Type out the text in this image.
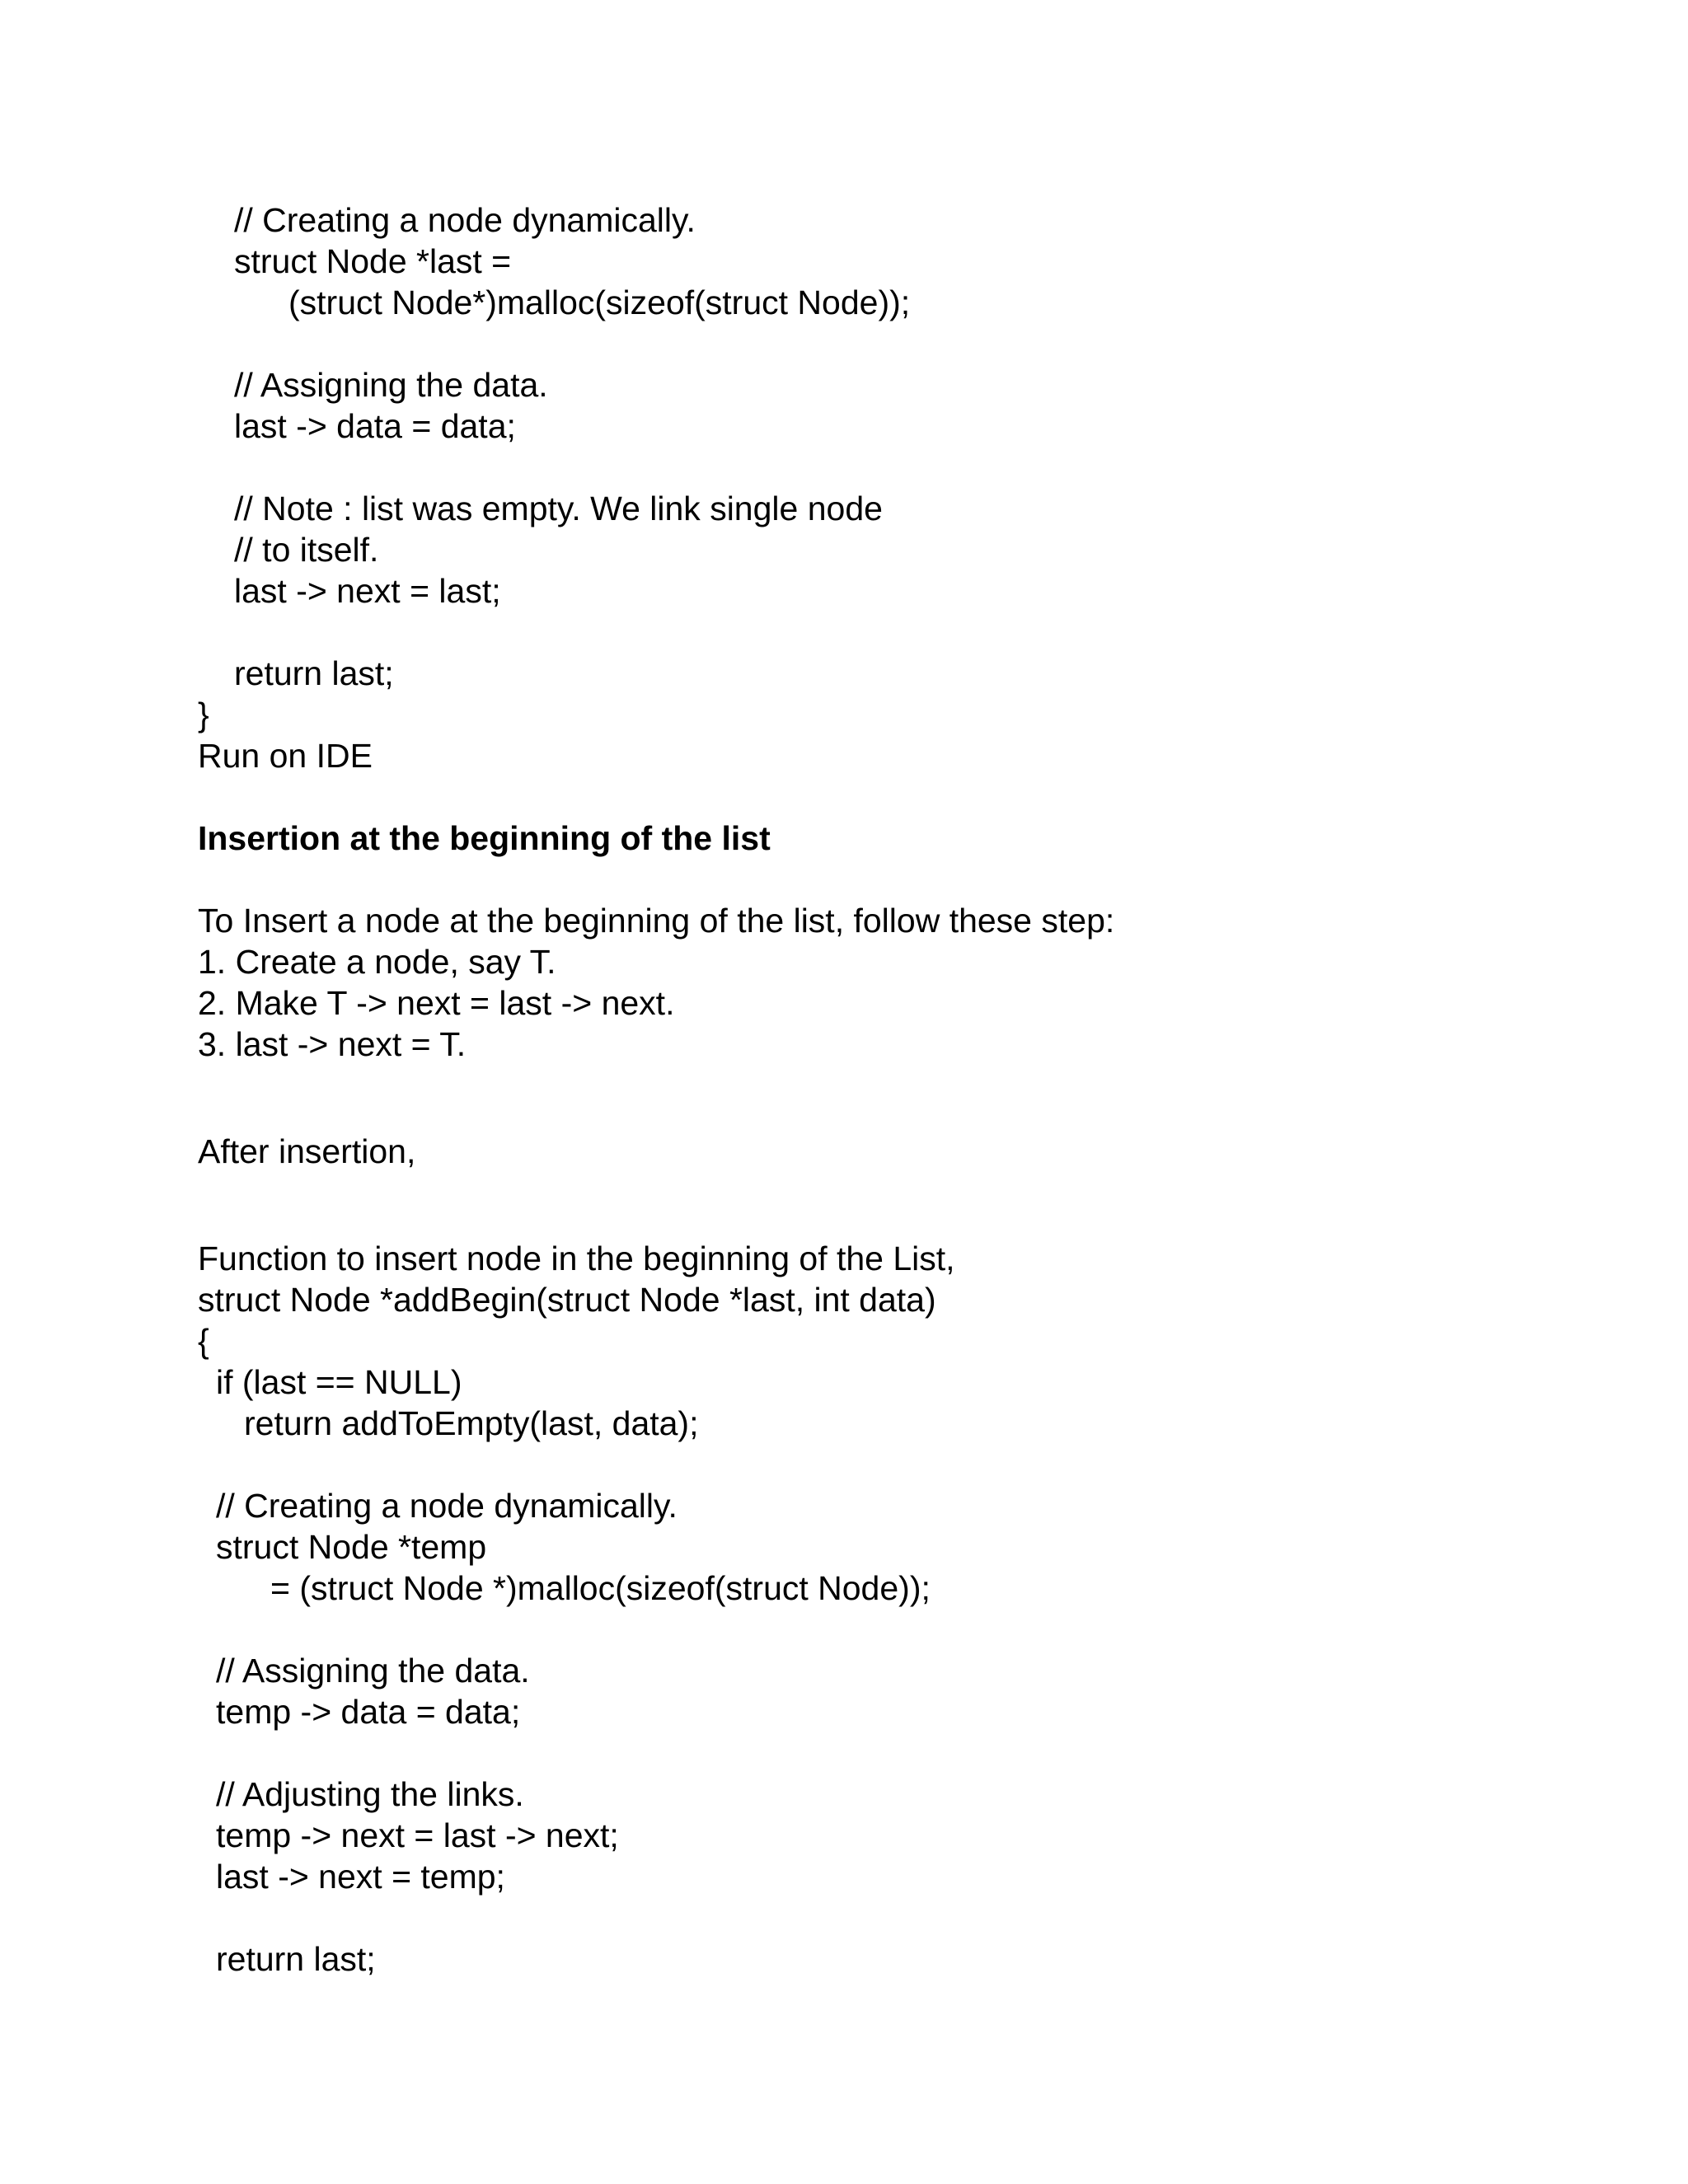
// Creating a node dynamically.
struct Node *last =
(struct Node*)malloc(sizeof(struct Node));
// Assigning the data.
last -> data = data;
// Note : list was empty. We link single node
// to itself.
last -> next = last;
return last;
}
Run on IDE
Insertion at the beginning of the list
To Insert a node at the beginning of the list, follow these step:
1. Create a node, say T.
2. Make T -> next = last -> next.
3. last -> next = T.
After insertion,
Function to insert node in the beginning of the List,
struct Node *addBegin(struct Node *last, int data)
{
if (last == NULL)
return addToEmpty(last, data);
// Creating a node dynamically.
struct Node *temp
= (struct Node *)malloc(sizeof(struct Node));
// Assigning the data.
temp -> data = data;
// Adjusting the links.
temp -> next = last -> next;
last -> next = temp;
return last;
